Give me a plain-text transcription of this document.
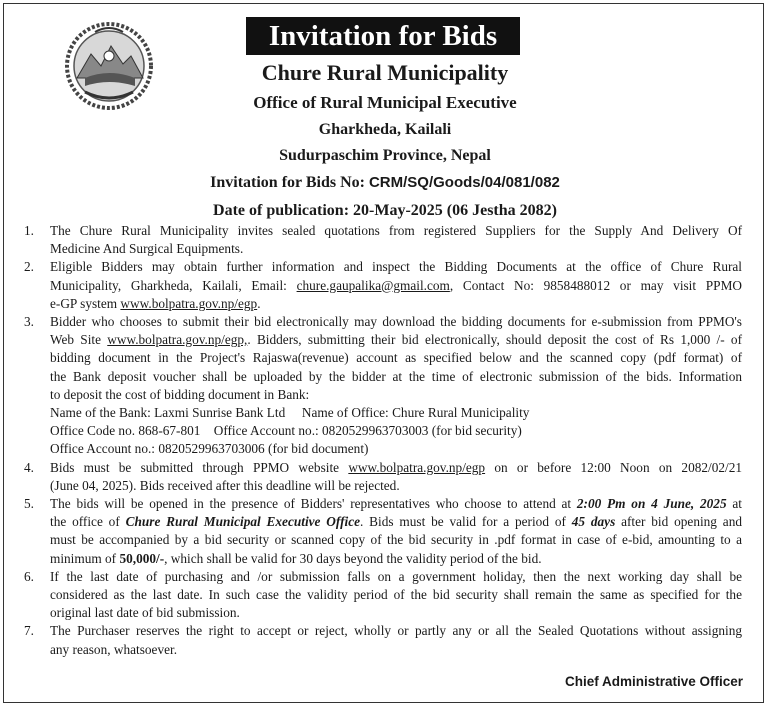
Invitation for Bids
Chure Rural Municipality
Office of Rural Municipal Executive
Gharkheda, Kailali
Sudurpaschim Province, Nepal
Invitation for Bids No: CRM/SQ/Goods/04/081/082
Date of publication: 20-May-2025 (06 Jestha 2082)
1.	The Chure Rural Municipality invites sealed quotations from registered Suppliers for the Supply And Delivery Of
Medicine And Surgical Equipments.
2.	Eligible Bidders may obtain further information and inspect the Bidding Documents at the office of Chure Rural
Municipality, Gharkheda, Kailali, Email: chure.gaupalika@gmail.com, Contact No: 9858488012 or may visit PPMO
e-GP system www.bolpatra.gov.np/egp.
3.	Bidder who chooses to submit their bid electronically may download the bidding documents for e-submission from PPMO's
Web Site www.bolpatra.gov.np/egp,. Bidders, submitting their bid electronically, should deposit the cost of Rs 1,000 /- of
bidding document in the Project's Rajaswa(revenue) account as specified below and the scanned copy (pdf format) of
the Bank deposit voucher shall be uploaded by the bidder at the time of electronic submission of the bids. Information
to deposit the cost of bidding document in Bank:
Name of the Bank: Laxmi Sunrise Bank Ltd     Name of Office: Chure Rural Municipality
Office Code no. 868-67-801    Office Account no.: 0820529963703003 (for bid security)
Office Account no.: 0820529963703006 (for bid document)
4.	Bids must be submitted through PPMO website www.bolpatra.gov.np/egp on or before 12:00 Noon on 2082/02/21
(June 04, 2025). Bids received after this deadline will be rejected.
5.	The bids will be opened in the presence of Bidders' representatives who choose to attend at 2:00 Pm on 4 June, 2025 at
the office of Chure Rural Municipal Executive Office. Bids must be valid for a period of 45 days after bid opening and
must be accompanied by a bid security or scanned copy of the bid security in .pdf format in case of e-bid, amounting to a
minimum of 50,000/-, which shall be valid for 30 days beyond the validity period of the bid.
6.	If the last date of purchasing and /or submission falls on a government holiday, then the next working day shall be
considered as the last date. In such case the validity period of the bid security shall remain the same as specified for the
original last date of bid submission.
7.	The Purchaser reserves the right to accept or reject, wholly or partly any or all the Sealed Quotations without assigning
any reason, whatsoever.
Chief Administrative Officer
